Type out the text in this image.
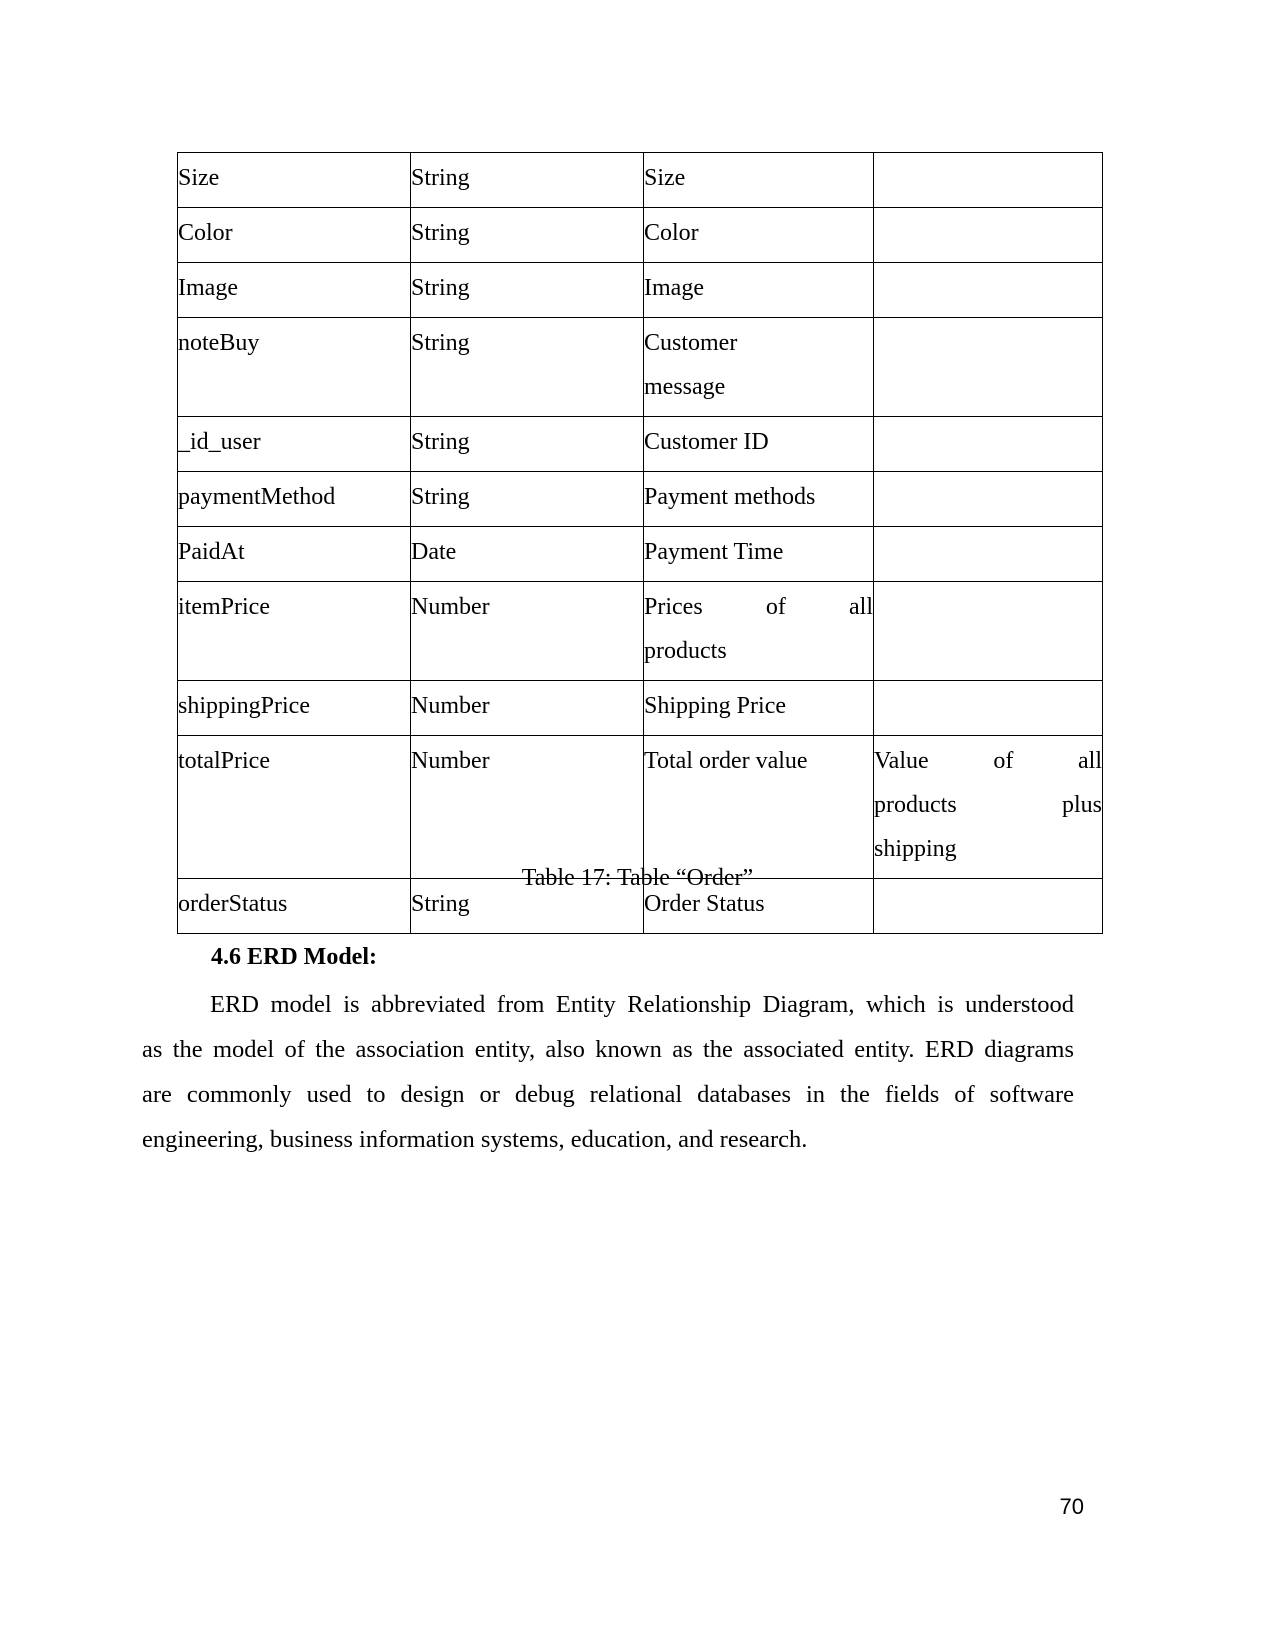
Size	String	Size	
Color	String	Color	
Image	String	Image	
noteBuy	String	Customer
message	

_id_user	String	Customer ID	
paymentMethod	String	Payment methods	
PaidAt	Date	Payment Time	
itemPrice	Number	Prices of all
products	

shippingPrice	Number	Shipping Price	
totalPrice	Number	Total order value	Value of all
products plus
shipping

orderStatus	String	Order Status	
Table 17: Table “Order”
4.6 ERD Model:
ERD model is abbreviated from Entity Relationship Diagram, which is understood
as the model of the association entity, also known as the associated entity. ERD diagrams
are commonly used to design or debug relational databases in the fields of software
engineering, business information systems, education, and research.
70
